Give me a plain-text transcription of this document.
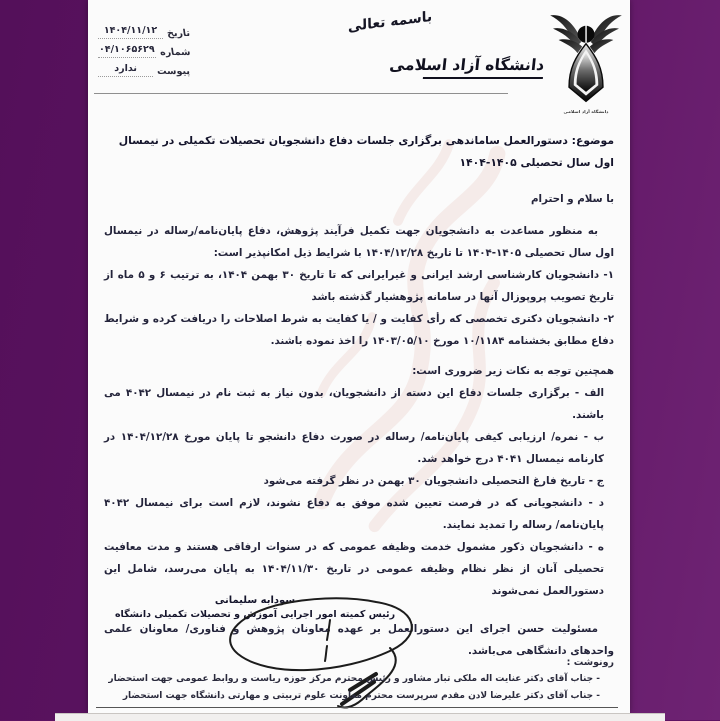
تاریخ
۱۴۰۴/۱۱/۱۲
شماره
۰۴/۱۰۶۵۶۲۹
پیوست
ندارد
باسمه تعالی
دانشگاه آزاد اسلامی
دانشگاه آزاد اسلامی
موضوع: دستورالعمل ساماندهی برگزاری جلسات دفاع دانشجویان تحصیلات تکمیلی در نیمسال اول سال تحصیلی ۱۴۰۵-۱۴۰۴
با سلام و احترام

به منظور مساعدت به دانشجویان جهت تکمیل فرآیند پژوهش، دفاع پایان‌نامه/رساله در نیمسال اول سال تحصیلی ۱۴۰۵-۱۴۰۴ تا تاریخ ۱۴۰۴/۱۲/۲۸ با شرایط ذیل امکانپذیر است:

۱- دانشجویان کارشناسی ارشد ایرانی و غیرایرانی که تا تاریخ ۳۰ بهمن ۱۴۰۴، به ترتیب ۶ و ۵ ماه از تاریخ تصویب پروپوزال آنها در سامانه پژوهشیار گذشته باشد

۲- دانشجویان دکتری تخصصی که رأی کفایت و / یا کفایت به شرط اصلاحات را دریافت کرده و شرایط دفاع مطابق بخشنامه ۱۰/۱۱۸۴ مورخ ۱۴۰۳/۰۵/۱۰ را اخذ نموده باشند.

همچنین توجه به نکات زیر ضروری است:

الف - برگزاری جلسات دفاع این دسته از دانشجویان، بدون نیاز به ثبت نام در نیمسال ۴۰۴۲ می باشند.

ب - نمره/ ارزیابی کیفی پایان‌نامه/ رساله در صورت دفاع دانشجو تا پایان مورخ ۱۴۰۴/۱۲/۲۸ در کارنامه نیمسال ۴۰۴۱ درج خواهد شد.

ج - تاریخ فارغ التحصیلی دانشجویان ۳۰ بهمن در نظر گرفته می‌شود

د - دانشجویانی که در فرصت تعیین شده موفق به دفاع نشوند، لازم است برای نیمسال ۴۰۴۲ پایان‌نامه/ رساله را تمدید نمایند.

ه - دانشجویان ذکور مشمول خدمت وظیفه عمومی که در سنوات ارفاقی هستند و مدت معافیت تحصیلی آنان از نظر نظام وظیفه عمومی در تاریخ ۱۴۰۴/۱۱/۳۰ به پایان می‌رسد، شامل این دستورالعمل نمی‌شوند

مسئولیت حسن اجرای این دستورالعمل بر عهده معاونان پژوهش و فناوری/ معاونان علمی واحدهای دانشگاهی می‌باشد.

سودابه سلیمانی
رئیس کمیته امور اجرایی آموزش و تحصیلات تکمیلی دانشگاه
رونوشت :
- جناب آقای دکتر عنایت اله ملکی تبار مشاور و رئیس محترم مرکز حوزه ریاست و روابط عمومی جهت استحضار
- جناب آقای دکتر علیرضا لادن مقدم سرپرست محترم معاونت علوم تربیتی و مهارتی دانشگاه جهت استحضار
